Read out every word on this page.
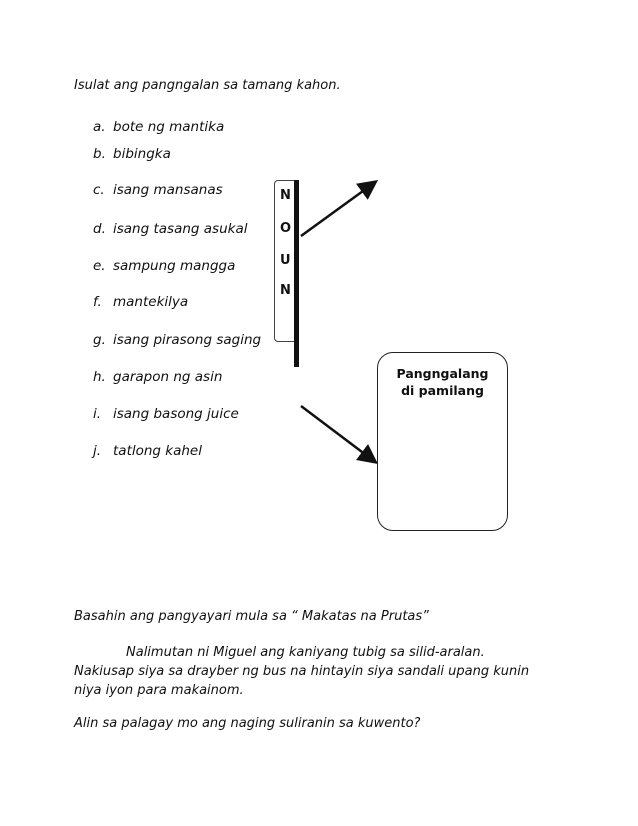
Isulat ang pangngalan sa tamang kahon.
a. bote ng mantika
b. bibingka
c. isang mansanas
d. isang tasang asukal
e. sampung mangga
f. mantekilya
g. isang pirasong saging
h. garapon ng asin
i. isang basong juice
j. tatlong kahel
N
O
U
N
Pangngalang
di pamilang
Basahin ang pangyayari mula sa “ Makatas na Prutas”
Nalimutan ni Miguel ang kaniyang tubig sa silid-aralan.
Nakiusap siya sa drayber ng bus na hintayin siya sandali upang kunin
niya iyon para makainom.
Alin sa palagay mo ang naging suliranin sa kuwento?
